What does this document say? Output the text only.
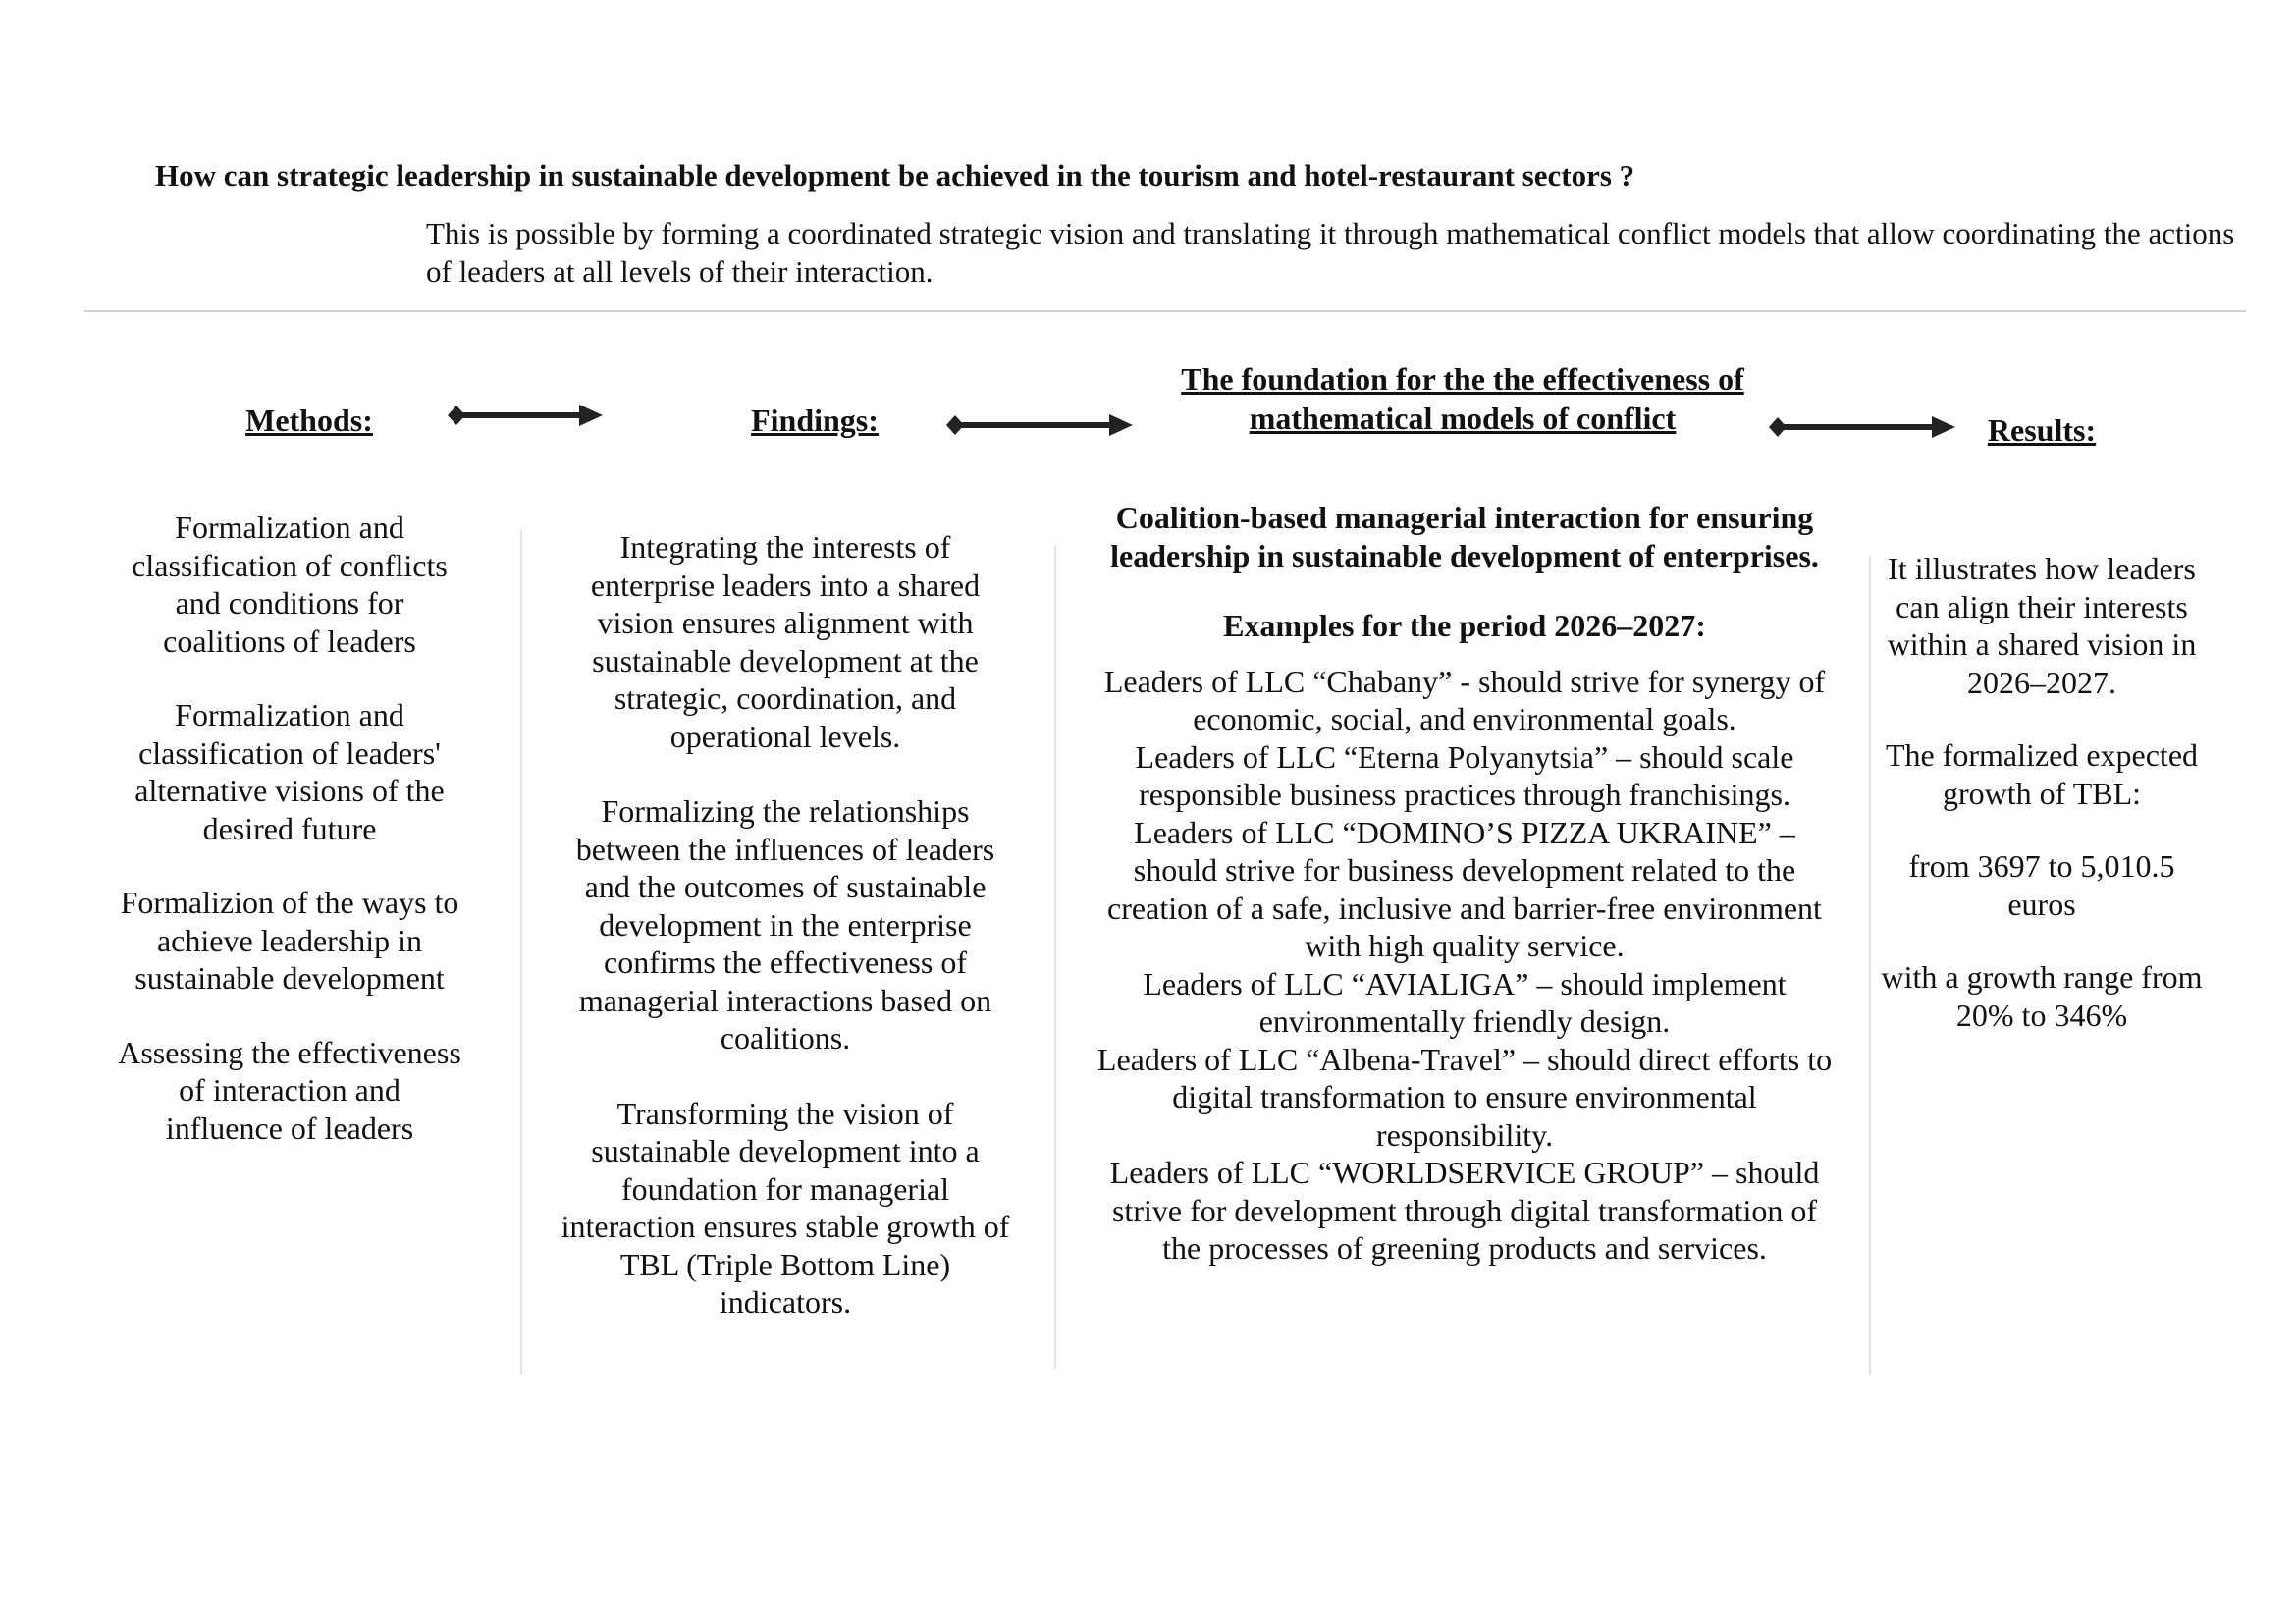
How can strategic leadership in sustainable development be achieved in the tourism and hotel-restaurant sectors ?
This is possible by forming a coordinated strategic vision and translating it through mathematical conflict models that allow coordinating the actions of leaders at all levels of their interaction.
Methods:	Findings:
The foundation for the the effectiveness of mathematical models of conflict	Results:

Formalization and classification of conflicts and conditions for coalitions of leaders

Formalization and classification of leaders' alternative visions of the desired future

Formalizion of the ways to achieve leadership in sustainable development

Assessing the effectiveness of interaction and influence of leaders

Integrating the interests of enterprise leaders into a shared vision ensures alignment with sustainable development at the strategic, coordination, and operational levels.

Formalizing the relationships between the influences of leaders and the outcomes of sustainable development in the enterprise confirms the effectiveness of managerial interactions based on coalitions.

Transforming the vision of sustainable development into a foundation for managerial interaction ensures stable growth of TBL (Triple Bottom Line) indicators.

Coalition-based managerial interaction for ensuring leadership in sustainable development of enterprises.

Examples for the period 2026–2027:

Leaders of LLC “Chabany” - should strive for synergy of economic, social, and environmental goals.

Leaders of LLC “Eterna Polyanytsia” – should scale responsible business practices through franchisings.

Leaders of LLC “DOMINO’S PIZZA UKRAINE” – should strive for business development related to the creation of a safe, inclusive and barrier-free environment with high quality service.

Leaders of LLC “AVIALIGA” – should implement environmentally friendly design.

Leaders of LLC “Albena-Travel” – should direct efforts to digital transformation to ensure environmental responsibility.

Leaders of LLC “WORLDSERVICE GROUP” – should strive for development through digital transformation of the processes of greening products and services.

It illustrates how leaders can align their interests within a shared vision in 2026–2027.

The formalized expected growth of TBL:

from 3697 to 5,010.5 euros

with a growth range from 20% to 346%
